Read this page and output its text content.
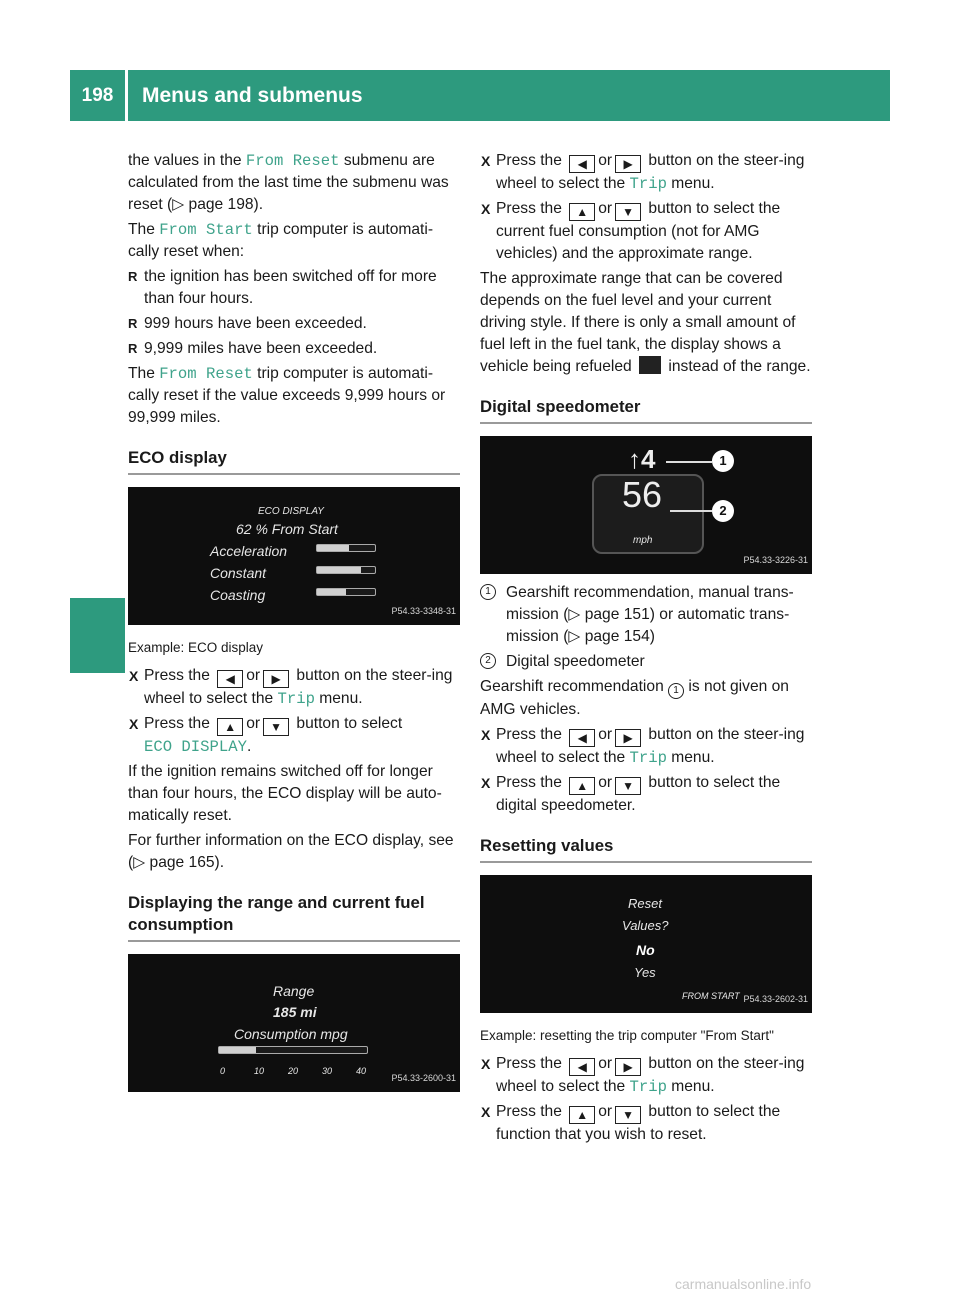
198	Menus and submenus
On-board computer and displays

the values in the From Reset submenu are calculated from the last time the submenu was reset (▷ page 198).

The From Start trip computer is automati-cally reset when:

R the ignition has been switched off for more than four hours.
R 999 hours have been exceeded.
R 9,999 miles have been exceeded.

The From Reset trip computer is automati-cally reset if the value exceeds 9,999 hours or 99,999 miles.

ECO display
ECO DISPLAY
62 % From Start
Acceleration
Constant
Coasting
P54.33-3348-31
Example: ECO display
X Press the ◀ or ▶ button on the steer-ing wheel to select the Trip menu.
X Press the ▲ or ▼ button to select
ECO DISPLAY.

If the ignition remains switched off for longer than four hours, the ECO display will be auto-matically reset.

For further information on the ECO display, see (▷ page 165).

Displaying the range and current fuel consumption
Range
185 mi
Consumption mpg
0	10	20	30	40
P54.33-2600-31
X Press the ◀ or ▶ button on the steer-ing wheel to select the Trip menu.
X Press the ▲ or ▼ button to select the current fuel consumption (not for AMG vehicles) and the approximate range.

The approximate range that can be covered depends on the fuel level and your current driving style. If there is only a small amount of fuel left in the fuel tank, the display shows a vehicle being refueled  instead of the range.

Digital speedometer
↑4
56
mph
1
2
P54.33-3226-31
1 Gearshift recommendation, manual trans-mission (▷ page 151) or automatic trans-mission (▷ page 154)
2 Digital speedometer

Gearshift recommendation 1 is not given on AMG vehicles.

X Press the ◀ or ▶ button on the steer-ing wheel to select the Trip menu.
X Press the ▲ or ▼ button to select the digital speedometer.
Resetting values
Reset
Values?
No
Yes
FROM START P54.33-2602-31
Example: resetting the trip computer "From Start"
X Press the ◀ or ▶ button on the steer-ing wheel to select the Trip menu.
X Press the ▲ or ▼ button to select the function that you wish to reset.
carmanualsonline.info
